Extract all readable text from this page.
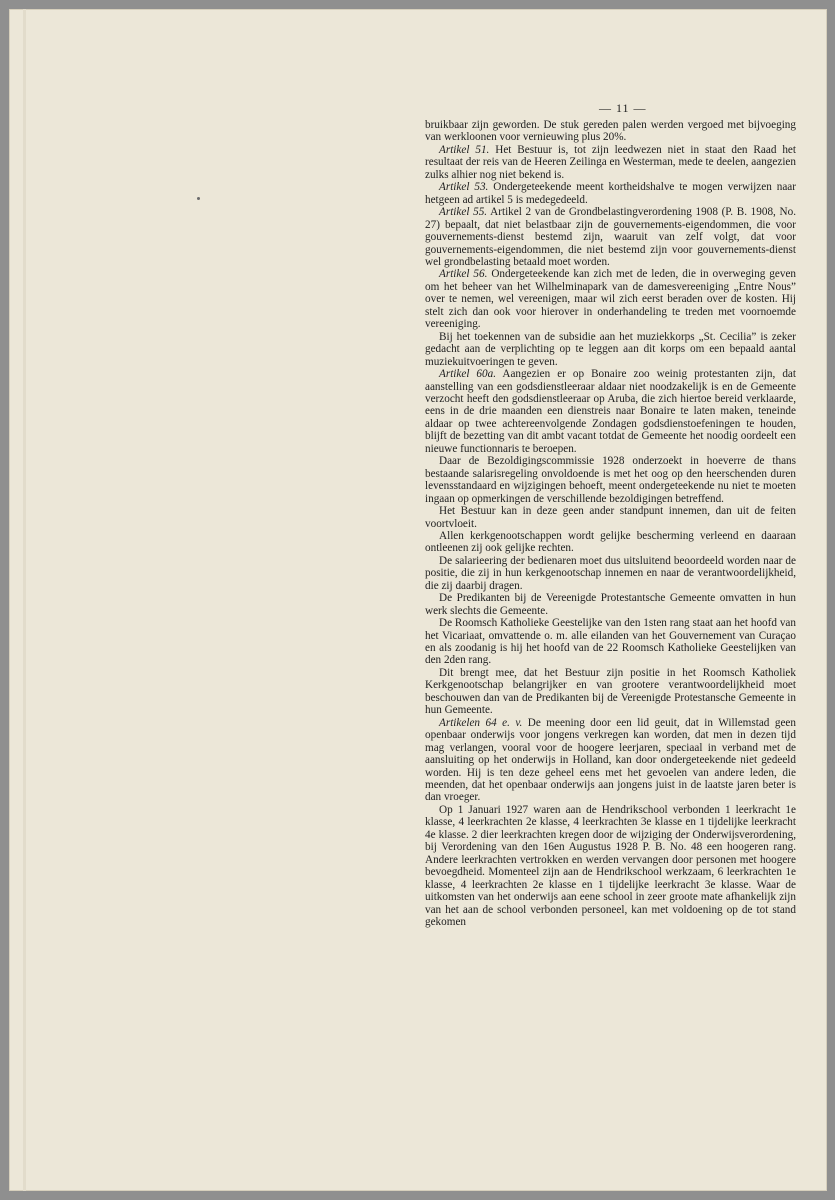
— 11 —

bruikbaar zijn geworden. De stuk gereden palen werden vergoed met bijvoeging van werkloonen voor vernieuwing plus 20%.

Artikel 51. Het Bestuur is, tot zijn leedwezen niet in staat den Raad het resultaat der reis van de Heeren Zeilinga en Westerman, mede te deelen, aangezien zulks alhier nog niet bekend is.

Artikel 53. Ondergeteekende meent kortheidshalve te mogen verwijzen naar hetgeen ad artikel 5 is medegedeeld.

Artikel 55. Artikel 2 van de Grondbelastingverordening 1908 (P. B. 1908, No. 27) bepaalt, dat niet belastbaar zijn de gouvernements-eigendommen, die voor gouvernements-dienst bestemd zijn, waaruit van zelf volgt, dat voor gouvernements-eigendommen, die niet bestemd zijn voor gouvernements-dienst wel grondbelasting betaald moet worden.

Artikel 56. Ondergeteekende kan zich met de leden, die in overweging geven om het beheer van het Wilhelminapark van de damesvereeniging „Entre Nous” over te nemen, wel vereenigen, maar wil zich eerst beraden over de kosten. Hij stelt zich dan ook voor hierover in onderhandeling te treden met voornoemde vereeniging.

Bij het toekennen van de subsidie aan het muziekkorps „St. Cecilia” is zeker gedacht aan de verplichting op te leggen aan dit korps om een bepaald aantal muziekuitvoeringen te geven.

Artikel 60a. Aangezien er op Bonaire zoo weinig protestanten zijn, dat aanstelling van een godsdienstleeraar aldaar niet noodzakelijk is en de Gemeente verzocht heeft den godsdienstleeraar op Aruba, die zich hiertoe bereid verklaarde, eens in de drie maanden een dienstreis naar Bonaire te laten maken, teneinde aldaar op twee achtereenvolgende Zondagen godsdienstoefeningen te houden, blijft de bezetting van dit ambt vacant totdat de Gemeente het noodig oordeelt een nieuwe functionnaris te beroepen.

Daar de Bezoldigingscommissie 1928 onderzoekt in hoeverre de thans bestaande salarisregeling onvoldoende is met het oog op den heerschenden duren levensstandaard en wijzigingen behoeft, meent ondergeteekende nu niet te moeten ingaan op opmerkingen de verschillende bezoldigingen betreffend.

Het Bestuur kan in deze geen ander standpunt innemen, dan uit de feiten voortvloeit.

Allen kerkgenootschappen wordt gelijke bescherming verleend en daaraan ontleenen zij ook gelijke rechten.

De salarieering der bedienaren moet dus uitsluitend beoordeeld worden naar de positie, die zij in hun kerkgenootschap innemen en naar de verantwoordelijkheid, die zij daarbij dragen.

De Predikanten bij de Vereenigde Protestantsche Gemeente omvatten in hun werk slechts die Gemeente.

De Roomsch Katholieke Geestelijke van den 1sten rang staat aan het hoofd van het Vicariaat, omvattende o. m. alle eilanden van het Gouvernement van Curaçao en als zoodanig is hij het hoofd van de 22 Roomsch Katholieke Geestelijken van den 2den rang.

Dit brengt mee, dat het Bestuur zijn positie in het Roomsch Katholiek Kerkgenootschap belangrijker en van grootere verantwoordelijkheid moet beschouwen dan van de Predikanten bij de Vereenigde Protestansche Gemeente in hun Gemeente.

Artikelen 64 e. v. De meening door een lid geuit, dat in Willemstad geen openbaar onderwijs voor jongens verkregen kan worden, dat men in dezen tijd mag verlangen, vooral voor de hoogere leerjaren, speciaal in verband met de aansluiting op het onderwijs in Holland, kan door ondergeteekende niet gedeeld worden. Hij is ten deze geheel eens met het gevoelen van andere leden, die meenden, dat het openbaar onderwijs aan jongens juist in de laatste jaren beter is dan vroeger.

Op 1 Januari 1927 waren aan de Hendrikschool verbonden 1 leerkracht 1e klasse, 4 leerkrachten 2e klasse, 4 leerkrachten 3e klasse en 1 tijdelijke leerkracht 4e klasse. 2 dier leerkrachten kregen door de wijziging der Onderwijsverordening, bij Verordening van den 16en Augustus 1928 P. B. No. 48 een hoogeren rang. Andere leerkrachten vertrokken en werden vervangen door personen met hoogere bevoegdheid. Momenteel zijn aan de Hendrikschool werkzaam, 6 leerkrachten 1e klasse, 4 leerkrachten 2e klasse en 1 tijdelijke leerkracht 3e klasse. Waar de uitkomsten van het onderwijs aan eene school in zeer groote mate afhankelijk zijn van het aan de school verbonden personeel, kan met voldoening op de tot stand gekomen
